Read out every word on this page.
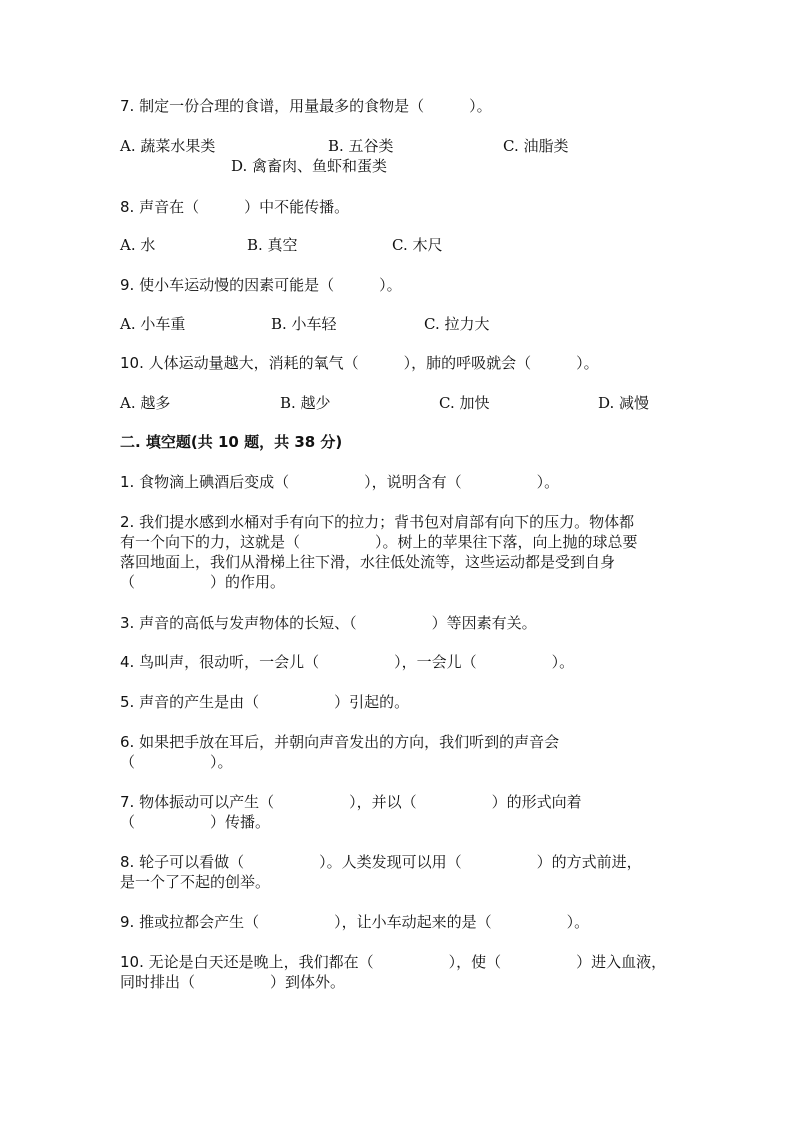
7. 制定一份合理的食谱，用量最多的食物是（　　　）。
A. 蔬菜水果类	B. 五谷类	C. 油脂类
D. 禽畜肉、鱼虾和蛋类
8. 声音在（　　　）中不能传播。
A. 水	B. 真空	C. 木尺
9. 使小车运动慢的因素可能是（　　　）。
A. 小车重	B. 小车轻	C. 拉力大
10. 人体运动量越大，消耗的氧气（　　　），肺的呼吸就会（　　　）。
A. 越多	B. 越少	C. 加快	D. 减慢
二. 填空题(共 10 题，共 38 分)
1. 食物滴上碘酒后变成（　　　　　），说明含有（　　　　　）。
2. 我们提水感到水桶对手有向下的拉力；背书包对肩部有向下的压力。物体都
有一个向下的力，这就是（　　　　　）。树上的苹果往下落，向上抛的球总要
落回地面上，我们从滑梯上往下滑，水往低处流等，这些运动都是受到自身
（　　　　　）的作用。
3. 声音的高低与发声物体的长短、（　　　　　）等因素有关。
4. 鸟叫声，很动听，一会儿（　　　　　），一会儿（　　　　　）。
5. 声音的产生是由（　　　　　）引起的。
6. 如果把手放在耳后，并朝向声音发出的方向，我们听到的声音会
（　　　　　）。
7. 物体振动可以产生（　　　　　），并以（　　　　　）的形式向着
（　　　　　）传播。
8. 轮子可以看做（　　　　　）。人类发现可以用（　　　　　）的方式前进，
是一个了不起的创举。
9. 推或拉都会产生（　　　　　），让小车动起来的是（　　　　　）。
10. 无论是白天还是晚上，我们都在（　　　　　），使（　　　　　）进入血液，
同时排出（　　　　　）到体外。
